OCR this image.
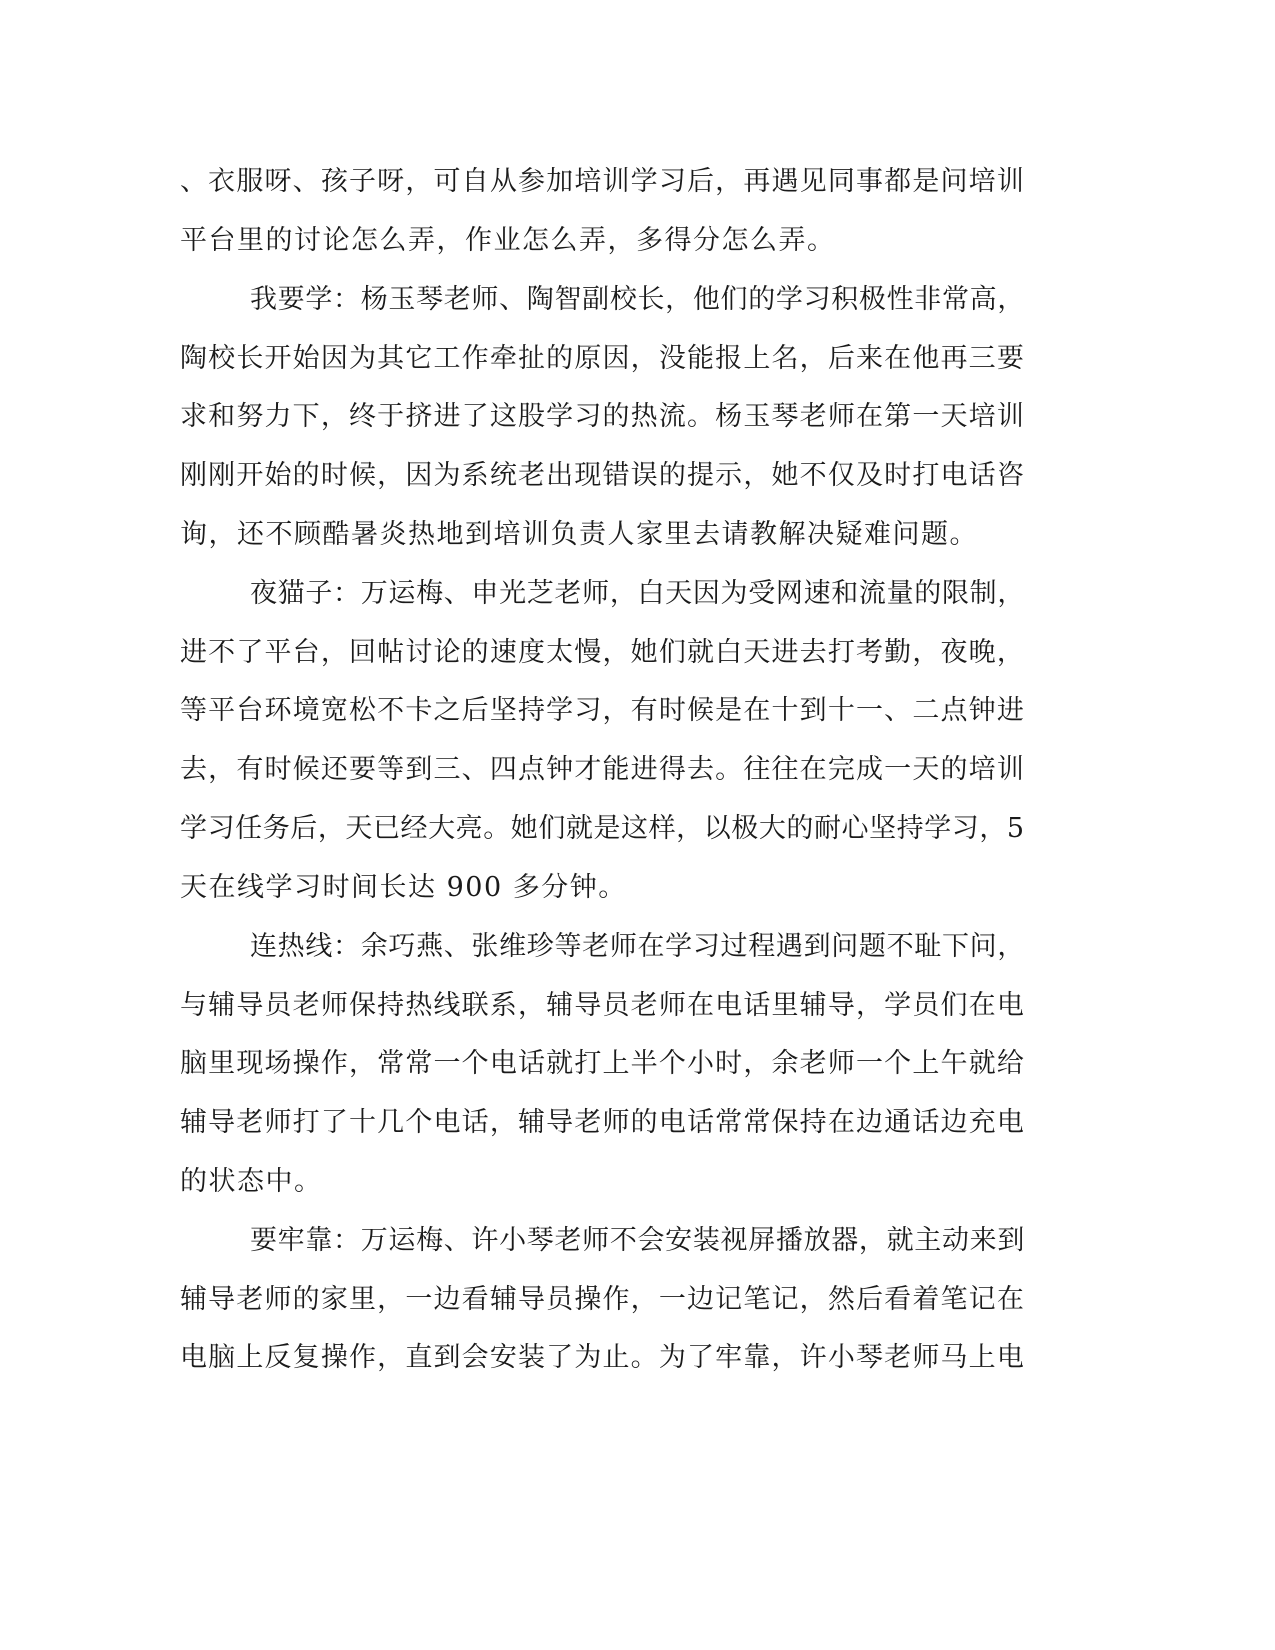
、衣服呀、孩子呀，可自从参加培训学习后，再遇见同事都是问培训

平台里的讨论怎么弄，作业怎么弄，多得分怎么弄。

我要学：杨玉琴老师、陶智副校长，他们的学习积极性非常高，

陶校长开始因为其它工作牵扯的原因，没能报上名，后来在他再三要

求和努力下，终于挤进了这股学习的热流。杨玉琴老师在第一天培训

刚刚开始的时候，因为系统老出现错误的提示，她不仅及时打电话咨

询，还不顾酷暑炎热地到培训负责人家里去请教解决疑难问题。

夜猫子：万运梅、申光芝老师，白天因为受网速和流量的限制，

进不了平台，回帖讨论的速度太慢，她们就白天进去打考勤，夜晚，

等平台环境宽松不卡之后坚持学习，有时候是在十到十一、二点钟进

去，有时候还要等到三、四点钟才能进得去。往往在完成一天的培训

学习任务后，天已经大亮。她们就是这样，以极大的耐心坚持学习，5

天在线学习时间长达 900 多分钟。

连热线：余巧燕、张维珍等老师在学习过程遇到问题不耻下问，

与辅导员老师保持热线联系，辅导员老师在电话里辅导，学员们在电

脑里现场操作，常常一个电话就打上半个小时，余老师一个上午就给

辅导老师打了十几个电话，辅导老师的电话常常保持在边通话边充电

的状态中。

要牢靠：万运梅、许小琴老师不会安装视屏播放器，就主动来到

辅导老师的家里，一边看辅导员操作，一边记笔记，然后看着笔记在

电脑上反复操作，直到会安装了为止。为了牢靠，许小琴老师马上电
